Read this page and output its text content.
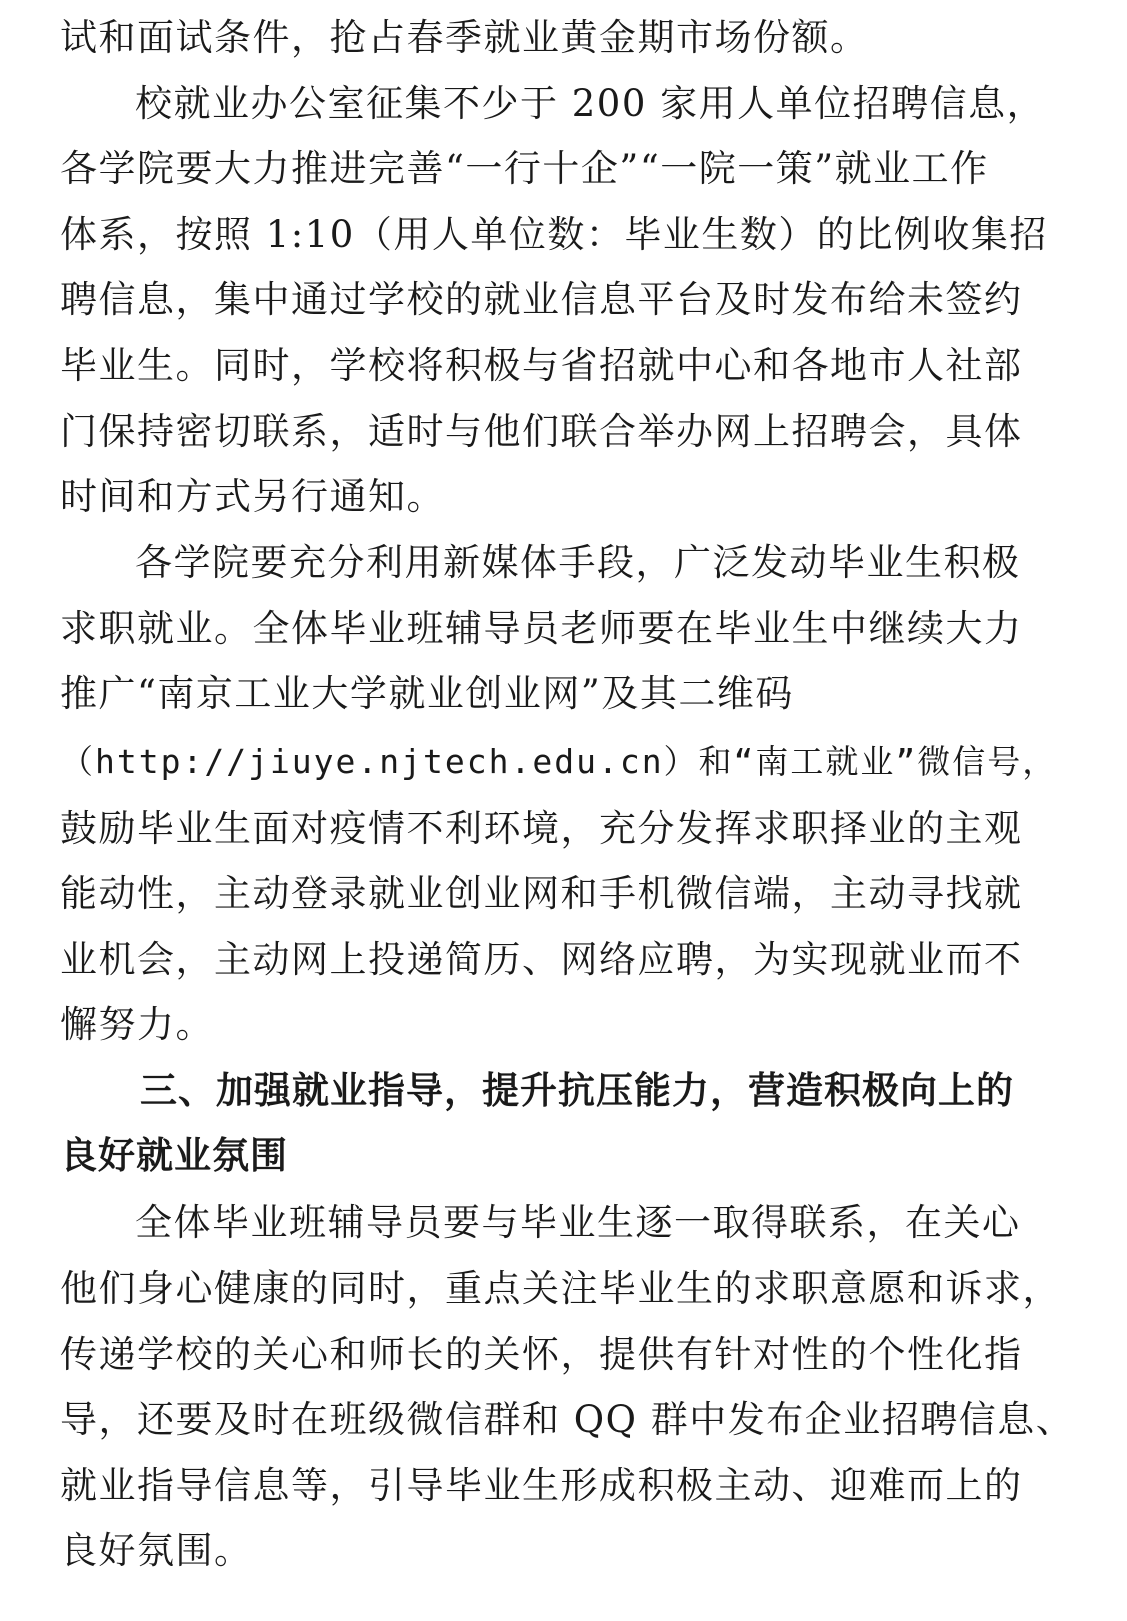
试和面试条件，抢占春季就业黄金期市场份额。
校就业办公室征集不少于 200 家用人单位招聘信息，
各学院要大力推进完善“一行十企”“一院一策”就业工作
体系，按照 1:10（用人单位数：毕业生数）的比例收集招
聘信息，集中通过学校的就业信息平台及时发布给未签约
毕业生。同时，学校将积极与省招就中心和各地市人社部
门保持密切联系，适时与他们联合举办网上招聘会，具体
时间和方式另行通知。
各学院要充分利用新媒体手段，广泛发动毕业生积极
求职就业。全体毕业班辅导员老师要在毕业生中继续大力
推广“南京工业大学就业创业网”及其二维码
（http://jiuye.njtech.edu.cn）和“南工就业”微信号，
鼓励毕业生面对疫情不利环境，充分发挥求职择业的主观
能动性，主动登录就业创业网和手机微信端，主动寻找就
业机会，主动网上投递简历、网络应聘，为实现就业而不
懈努力。
三、加强就业指导，提升抗压能力，营造积极向上的
良好就业氛围
全体毕业班辅导员要与毕业生逐一取得联系，在关心
他们身心健康的同时，重点关注毕业生的求职意愿和诉求，
传递学校的关心和师长的关怀，提供有针对性的个性化指
导，还要及时在班级微信群和 QQ 群中发布企业招聘信息、
就业指导信息等，引导毕业生形成积极主动、迎难而上的
良好氛围。
